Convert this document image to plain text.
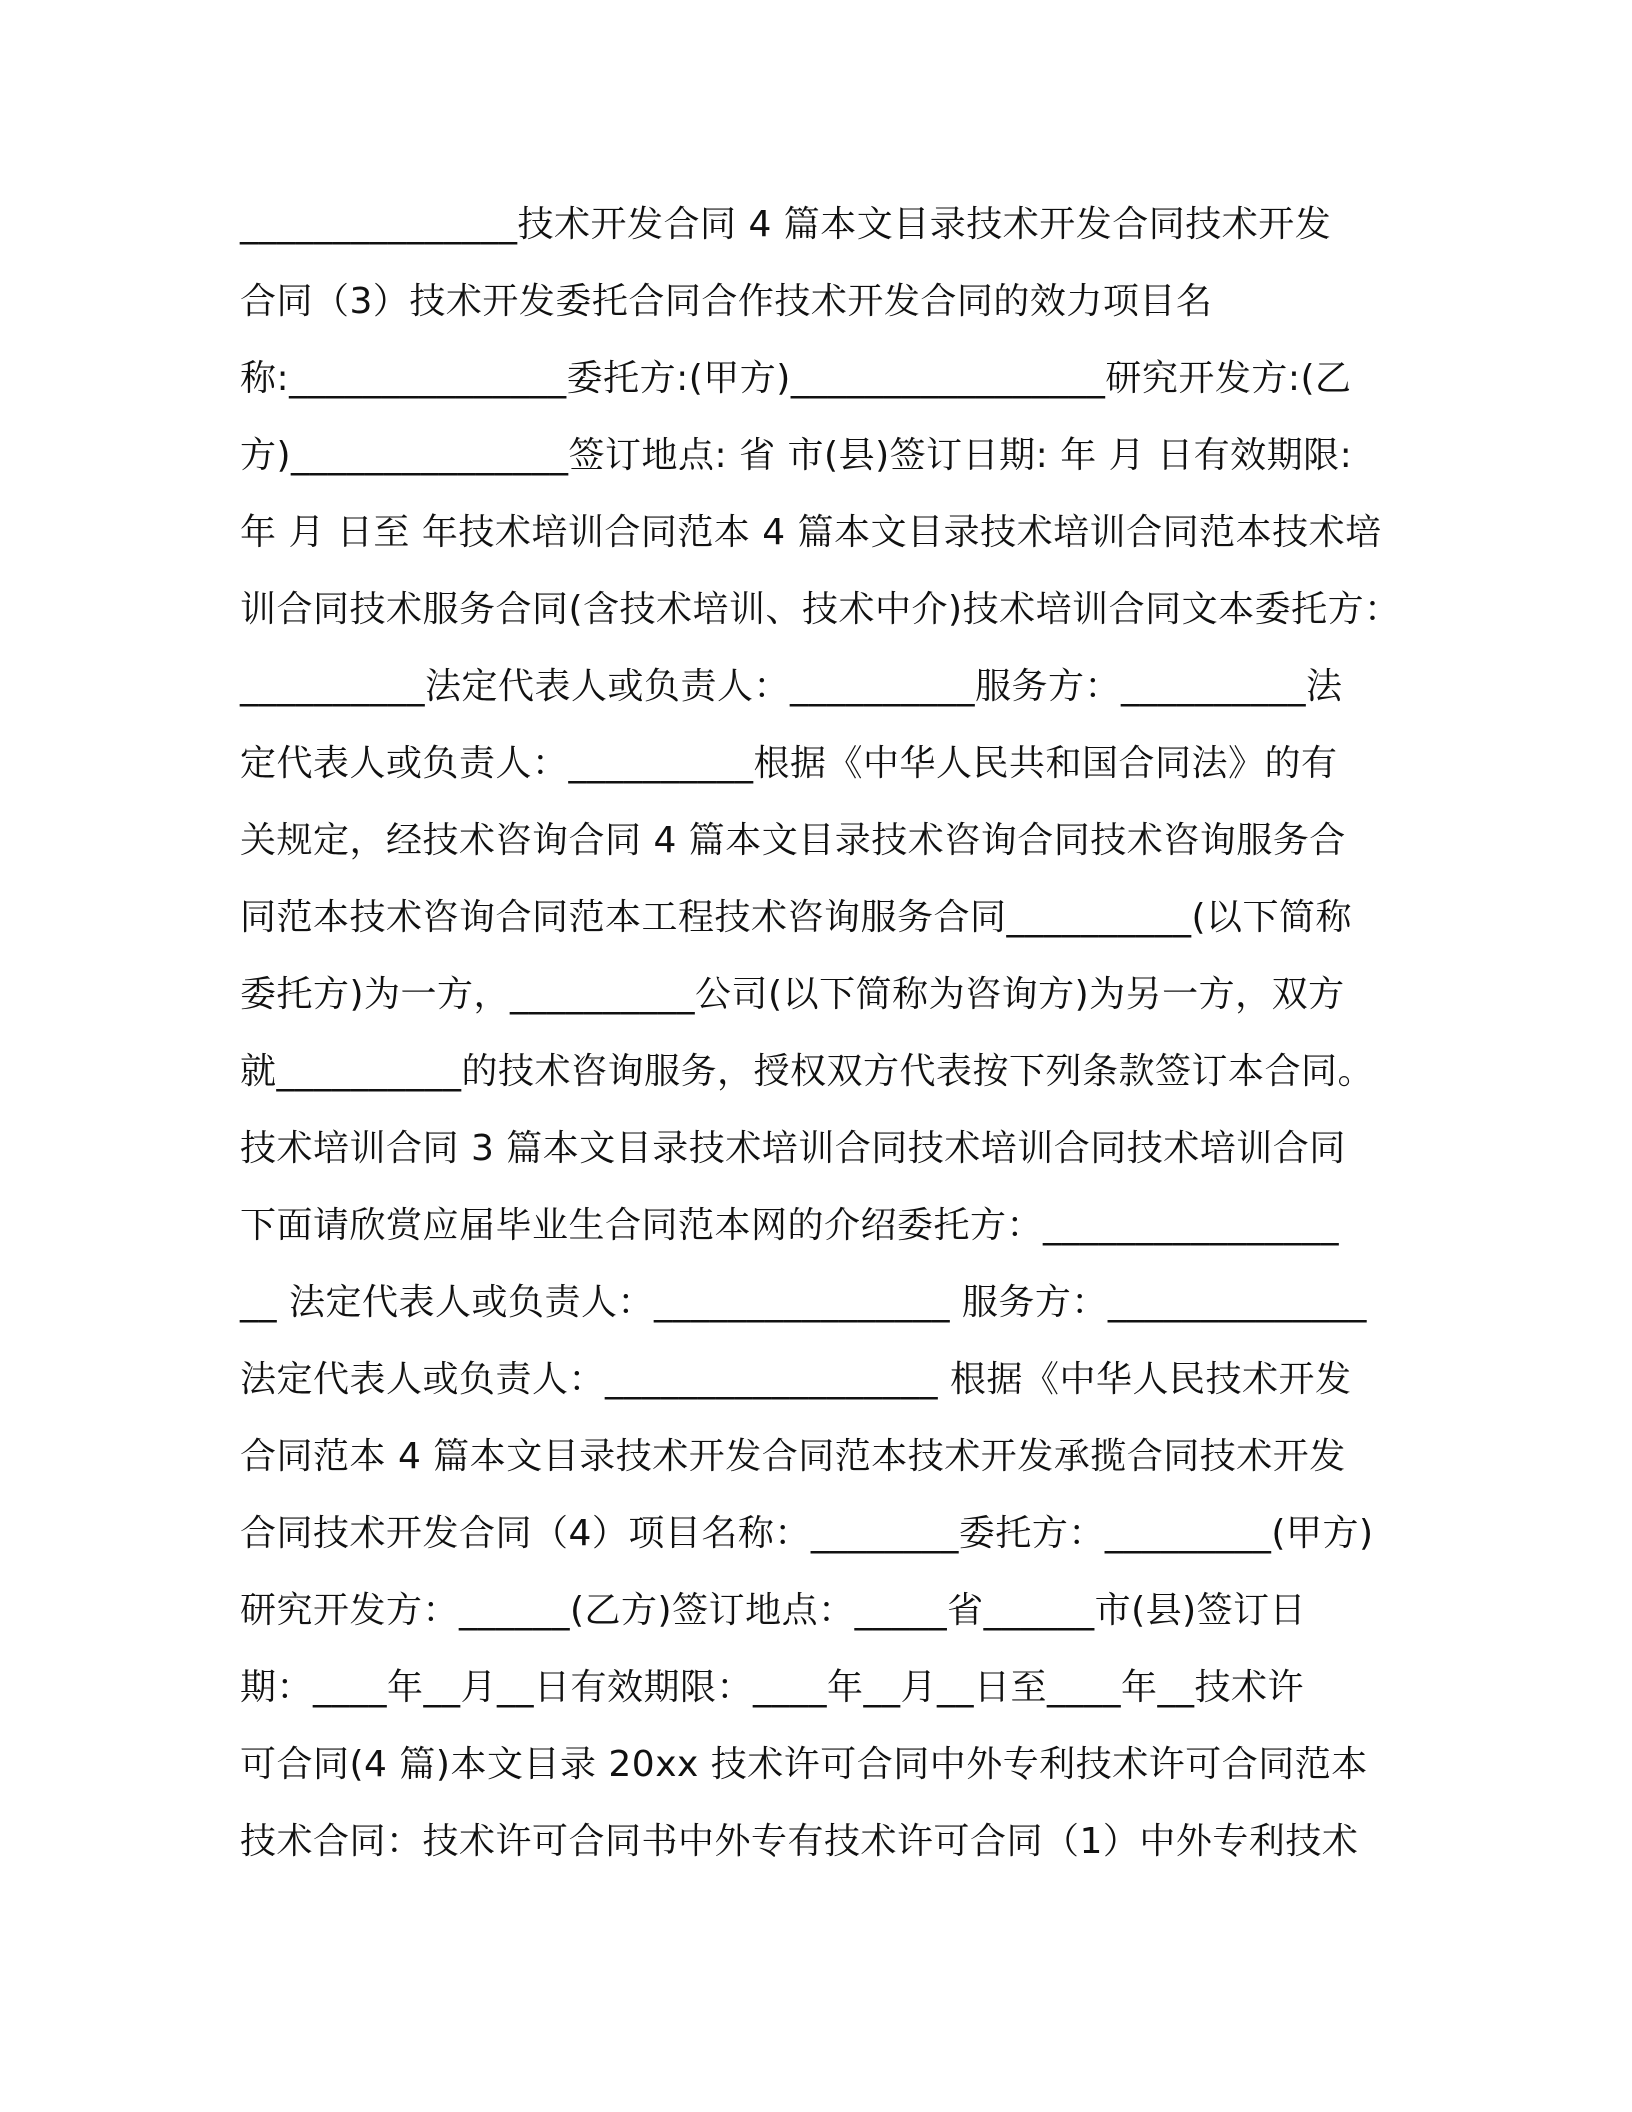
_______________技术开发合同 4 篇本文目录技术开发合同技术开发
合同（3）技术开发委托合同合作技术开发合同的效力项目名
称:_______________委托方:(甲方)_________________研究开发方:(乙
方)_______________签订地点: 省 市(县)签订日期: 年 月 日有效期限:
年 月 日至 年技术培训合同范本 4 篇本文目录技术培训合同范本技术培
训合同技术服务合同(含技术培训、技术中介)技术培训合同文本委托方：
__________法定代表人或负责人：__________服务方：__________法
定代表人或负责人：__________根据《中华人民共和国合同法》的有
关规定，经技术咨询合同 4 篇本文目录技术咨询合同技术咨询服务合
同范本技术咨询合同范本工程技术咨询服务合同__________(以下简称
委托方)为一方，__________公司(以下简称为咨询方)为另一方，双方
就__________的技术咨询服务，授权双方代表按下列条款签订本合同。
技术培训合同 3 篇本文目录技术培训合同技术培训合同技术培训合同
下面请欣赏应届毕业生合同范本网的介绍委托方：________________
__ 法定代表人或负责人：________________ 服务方：______________
法定代表人或负责人：__________________ 根据《中华人民技术开发
合同范本 4 篇本文目录技术开发合同范本技术开发承揽合同技术开发
合同技术开发合同（4）项目名称：________委托方：_________(甲方)
研究开发方：______(乙方)签订地点：_____省______市(县)签订日
期：____年__月__日有效期限：____年__月__日至____年__技术许
可合同(4 篇)本文目录 20xx 技术许可合同中外专利技术许可合同范本
技术合同：技术许可合同书中外专有技术许可合同（1）中外专利技术
